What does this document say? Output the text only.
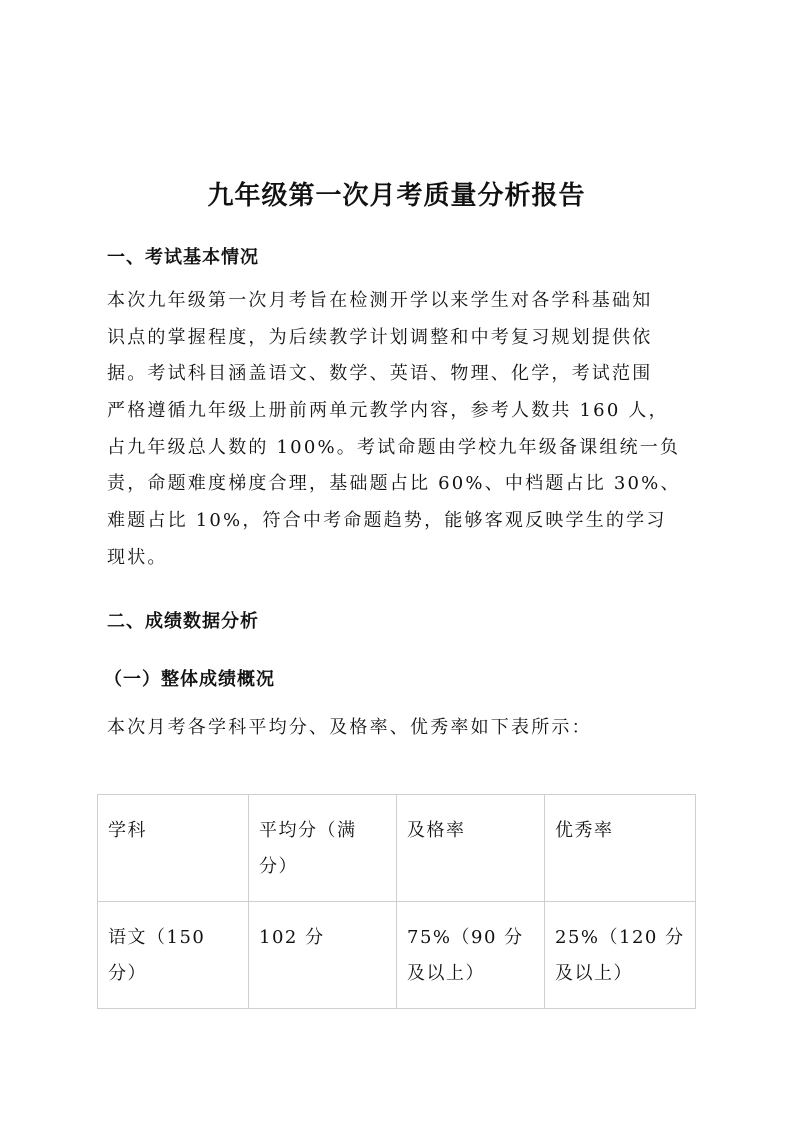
九年级第一次月考质量分析报告
一、考试基本情况
本次九年级第一次月考旨在检测开学以来学生对各学科基础知
识点的掌握程度，为后续教学计划调整和中考复习规划提供依
据。考试科目涵盖语文、数学、英语、物理、化学，考试范围
严格遵循九年级上册前两单元教学内容，参考人数共 160 人，
占九年级总人数的 100%。考试命题由学校九年级备课组统一负
责，命题难度梯度合理，基础题占比 60%、中档题占比 30%、
难题占比 10%，符合中考命题趋势，能够客观反映学生的学习
现状。
二、成绩数据分析
（一）整体成绩概况
本次月考各学科平均分、及格率、优秀率如下表所示：
学科	平均分（满分）	及格率	优秀率
语文（150 分）	102 分	75%（90 分及以上）	25%（120 分及以上）
